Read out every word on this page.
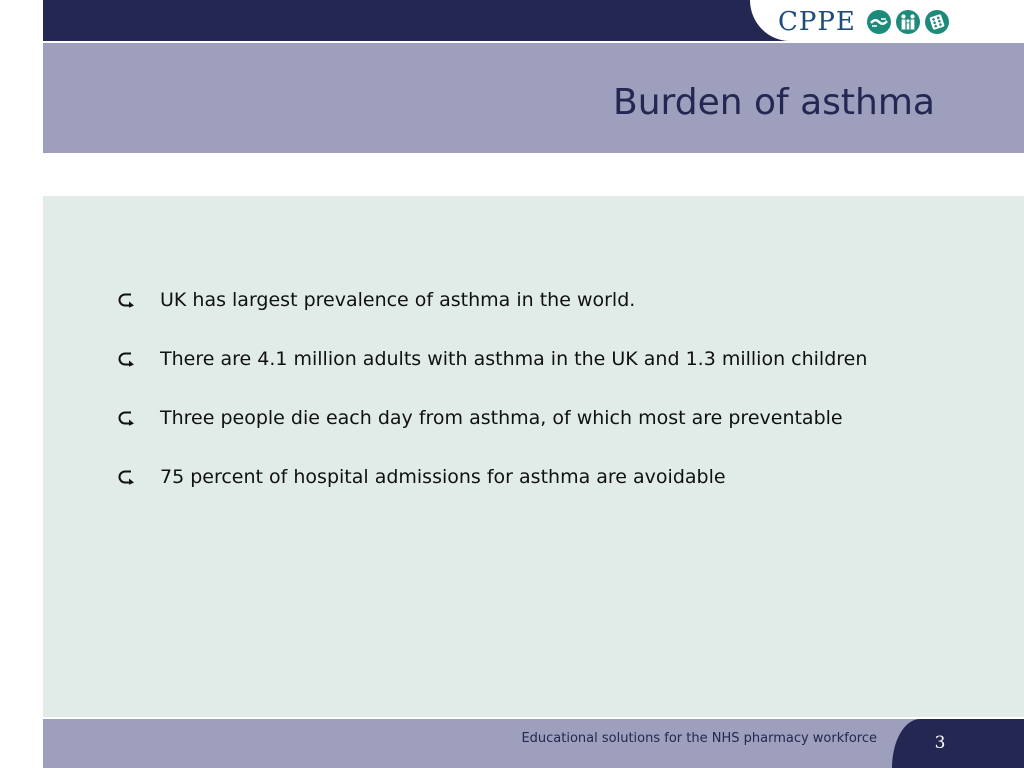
CPPE
Burden of asthma
UK has largest prevalence of asthma in the world.
There are 4.1 million adults with asthma in the UK and 1.3 million children
Three people die each day from asthma, of which most are preventable
75 percent of hospital admissions for asthma are avoidable
Educational solutions for the NHS pharmacy workforce	3
